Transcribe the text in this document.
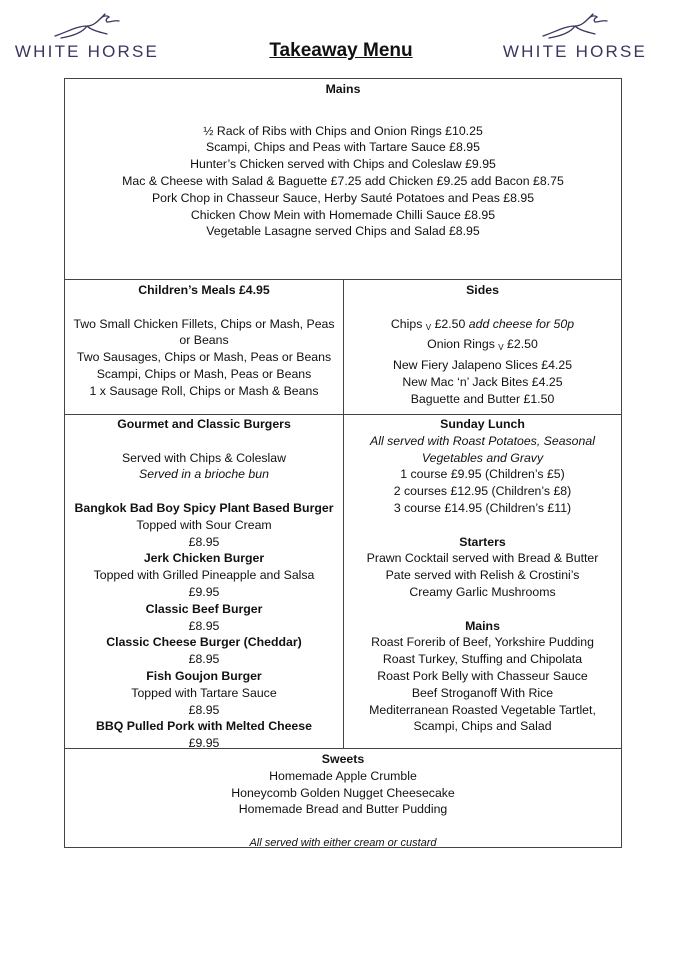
WHITE HORSE	WHITE HORSE
Takeaway Menu
Mains
½ Rack of Ribs with Chips and Onion Rings £10.25
Scampi, Chips and Peas with Tartare Sauce £8.95
Hunter’s Chicken served with Chips and Coleslaw £9.95
Mac & Cheese with Salad & Baguette £7.25 add Chicken £9.25 add Bacon £8.75
Pork Chop in Chasseur Sauce, Herby Sauté Potatoes and Peas £8.95
Chicken Chow Mein with Homemade Chilli Sauce £8.95
Vegetable Lasagne served Chips and Salad £8.95
Children’s Meals £4.95
Two Small Chicken Fillets, Chips or Mash, Peas or Beans
Two Sausages, Chips or Mash, Peas or Beans
Scampi, Chips or Mash, Peas or Beans
1 x Sausage Roll, Chips or Mash & Beans
Sides
Chips V £2.50 add cheese for 50p
Onion Rings V £2.50
New Fiery Jalapeno Slices £4.25
New Mac ‘n’ Jack Bites £4.25
Baguette and Butter £1.50
Gourmet and Classic Burgers
Served with Chips & Coleslaw
Served in a brioche bun
Bangkok Bad Boy Spicy Plant Based Burger
Topped with Sour Cream
£8.95
Jerk Chicken Burger
Topped with Grilled Pineapple and Salsa
£9.95
Classic Beef Burger
£8.95
Classic Cheese Burger (Cheddar)
£8.95
Fish Goujon Burger
Topped with Tartare Sauce
£8.95
BBQ Pulled Pork with Melted Cheese
£9.95
Sunday Lunch
All served with Roast Potatoes, Seasonal
Vegetables and Gravy
1 course £9.95 (Children’s £5)
2 courses £12.95 (Children’s £8)
3 course £14.95 (Children’s £11)
Starters
Prawn Cocktail served with Bread & Butter
Pate served with Relish & Crostini’s
Creamy Garlic Mushrooms
Mains
Roast Forerib of Beef, Yorkshire Pudding
Roast Turkey, Stuffing and Chipolata
Roast Pork Belly with Chasseur Sauce
Beef Stroganoff With Rice
Mediterranean Roasted Vegetable Tartlet,
Scampi, Chips and Salad
Sweets
Homemade Apple Crumble
Honeycomb Golden Nugget Cheesecake
Homemade Bread and Butter Pudding
All served with either cream or custard
